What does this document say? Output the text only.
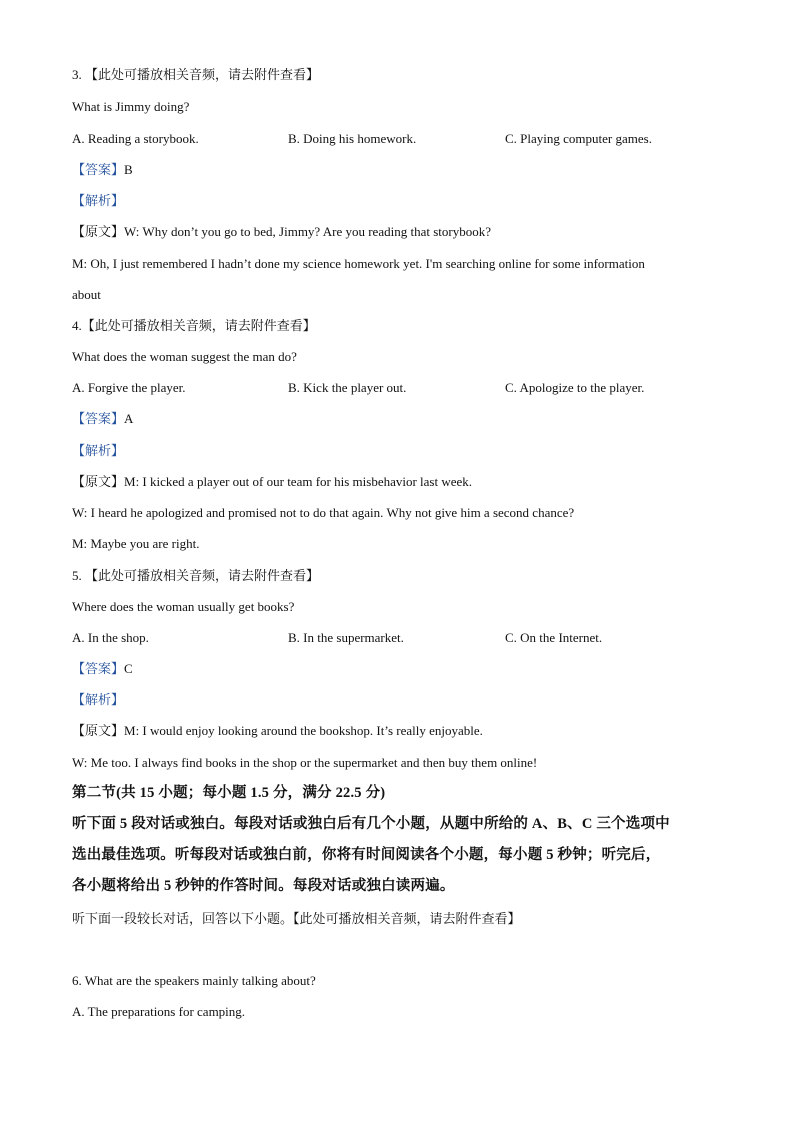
3. 【此处可播放相关音频，请去附件查看】
What is Jimmy doing?
A. Reading a storybook.	B. Doing his homework.	C. Playing computer games.
【答案】B
【解析】
【原文】W: Why don’t you go to bed, Jimmy? Are you reading that storybook?
M: Oh, I just remembered I hadn’t done my science homework yet. I'm searching online for some information
about
4.【此处可播放相关音频，请去附件查看】
What does the woman suggest the man do?
A. Forgive the player.	B. Kick the player out.	C. Apologize to the player.
【答案】A
【解析】
【原文】M: I kicked a player out of our team for his misbehavior last week.
W: I heard he apologized and promised not to do that again. Why not give him a second chance?
M: Maybe you are right.
5. 【此处可播放相关音频，请去附件查看】
Where does the woman usually get books?
A. In the shop.	B. In the supermarket.	C. On the Internet.
【答案】C
【解析】
【原文】M: I would enjoy looking around the bookshop. It’s really enjoyable.
W: Me too. I always find books in the shop or the supermarket and then buy them online!
第二节(共 15 小题；每小题 1.5 分，满分 22.5 分)
听下面 5 段对话或独白。每段对话或独白后有几个小题，从题中所给的 A、B、C 三个选项中
选出最佳选项。听每段对话或独白前，你将有时间阅读各个小题，每小题 5 秒钟；听完后，
各小题将给出 5 秒钟的作答时间。每段对话或独白读两遍。
听下面一段较长对话，回答以下小题。【此处可播放相关音频，请去附件查看】
6. What are the speakers mainly talking about?
A. The preparations for camping.
